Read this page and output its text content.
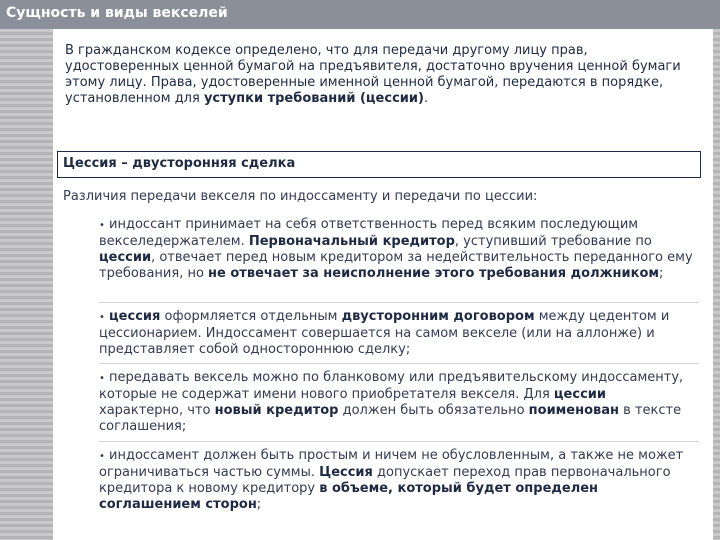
Сущность и виды векселей

В гражданском кодексе определено, что для передачи другому лицу прав, удостоверенных ценной бумагой на предъявителя, достаточно вручения ценной бумаги этому лицу. Права, удостоверенные именной ценной бумагой, передаются в порядке, установленном для уступки требований (цессии).

Цессия – двусторонняя сделка

Различия передачи векселя по индоссаменту и передачи по цессии:

• индоссант принимает на себя ответственность перед всяким последующим векселедержателем. Первоначальный кредитор, уступивший требование по цессии, отвечает перед новым кредитором за недействительность переданного ему требования, но не отвечает за неисполнение этого требования должником;

• цессия оформляется отдельным двусторонним договором между цедентом и цессионарием. Индоссамент совершается на самом векселе (или на аллонже) и представляет собой одностороннюю сделку;

• передавать вексель можно по бланковому или предъявительскому индоссаменту, которые не содержат имени нового приобретателя векселя. Для цессии характерно, что новый кредитор должен быть обязательно поименован в тексте соглашения;

• индоссамент должен быть простым и ничем не обусловленным, а также не может ограничиваться частью суммы. Цессия допускает переход прав первоначального кредитора к новому кредитору в объеме, который будет определен соглашением сторон;
